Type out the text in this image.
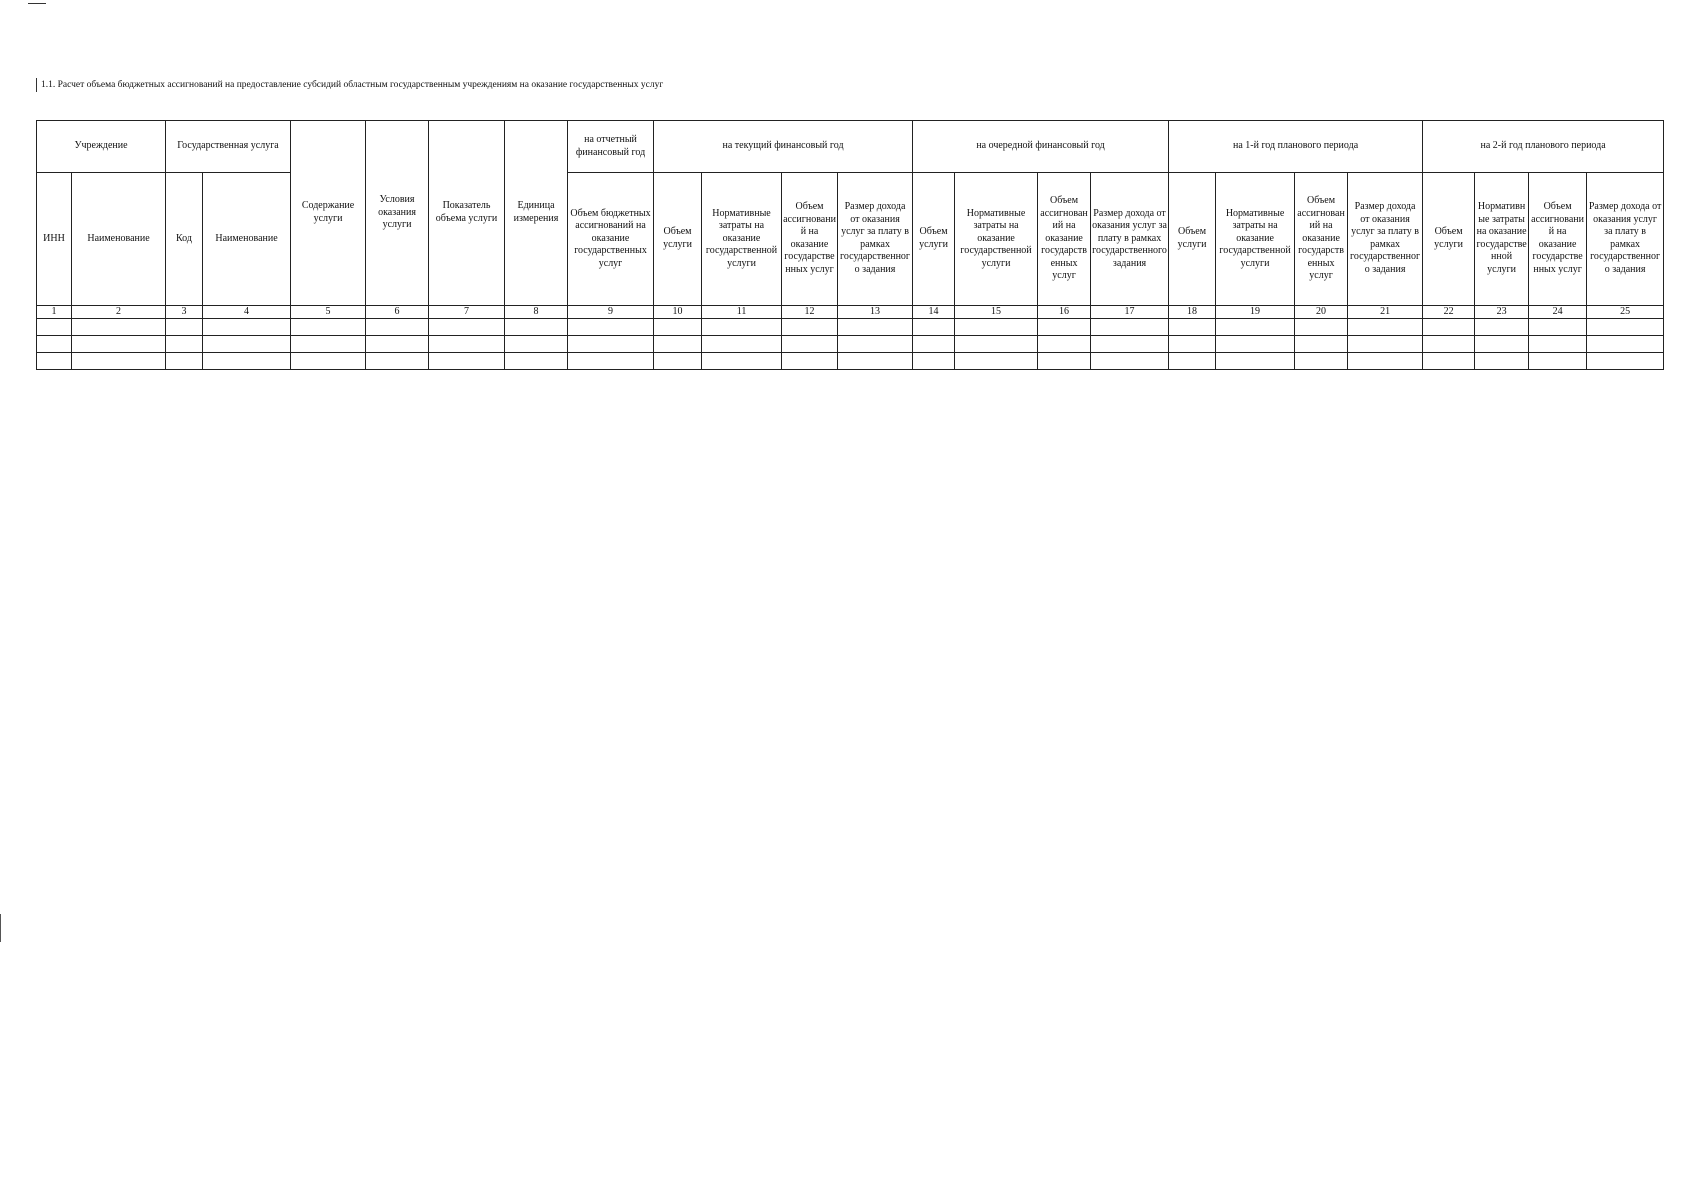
1.1. Расчет объема бюджетных ассигнований на предоставление субсидий областным государственным учреждениям на оказание государственных услуг
Учреждение		Государственная услуга		Содержание услуги	Условия оказания услуги	Показатель объема услуги	Единица измерения	на отчетный финансовый год	на текущий финансовый год				на очередной финансовый год				на 1-й год планового периода				на 2-й год планового периода			
ИНН	Наименование	Код	Наименование					Объем бюджетных ассигнований на оказание государственных услуг	Объем услуги	Нормативные затраты на оказание государственной услуги	Объем ассигнований на оказание государственных услуг	Размер дохода от оказания услуг за плату в рамках государственного задания	Объем услуги	Нормативные затраты на оказание государственной услуги	Объем ассигнований на оказание государственных услуг	Размер дохода от оказания услуг за плату в рамках государственного задания	Объем услуги	Нормативные затраты на оказание государственной услуги	Объем ассигнований на оказание государственных услуг	Размер дохода от оказания услуг за плату в рамках государственного задания	Объем услуги	Нормативные затраты на оказание государственной услуги	Объем ассигнований на оказание государственных услуг	Размер дохода от оказания услуг за плату в рамках государственного задания
1	2	3	4	5	6	7	8	9	10	11	12	13	14	15	16	17	18	19	20	21	22	23	24	25
